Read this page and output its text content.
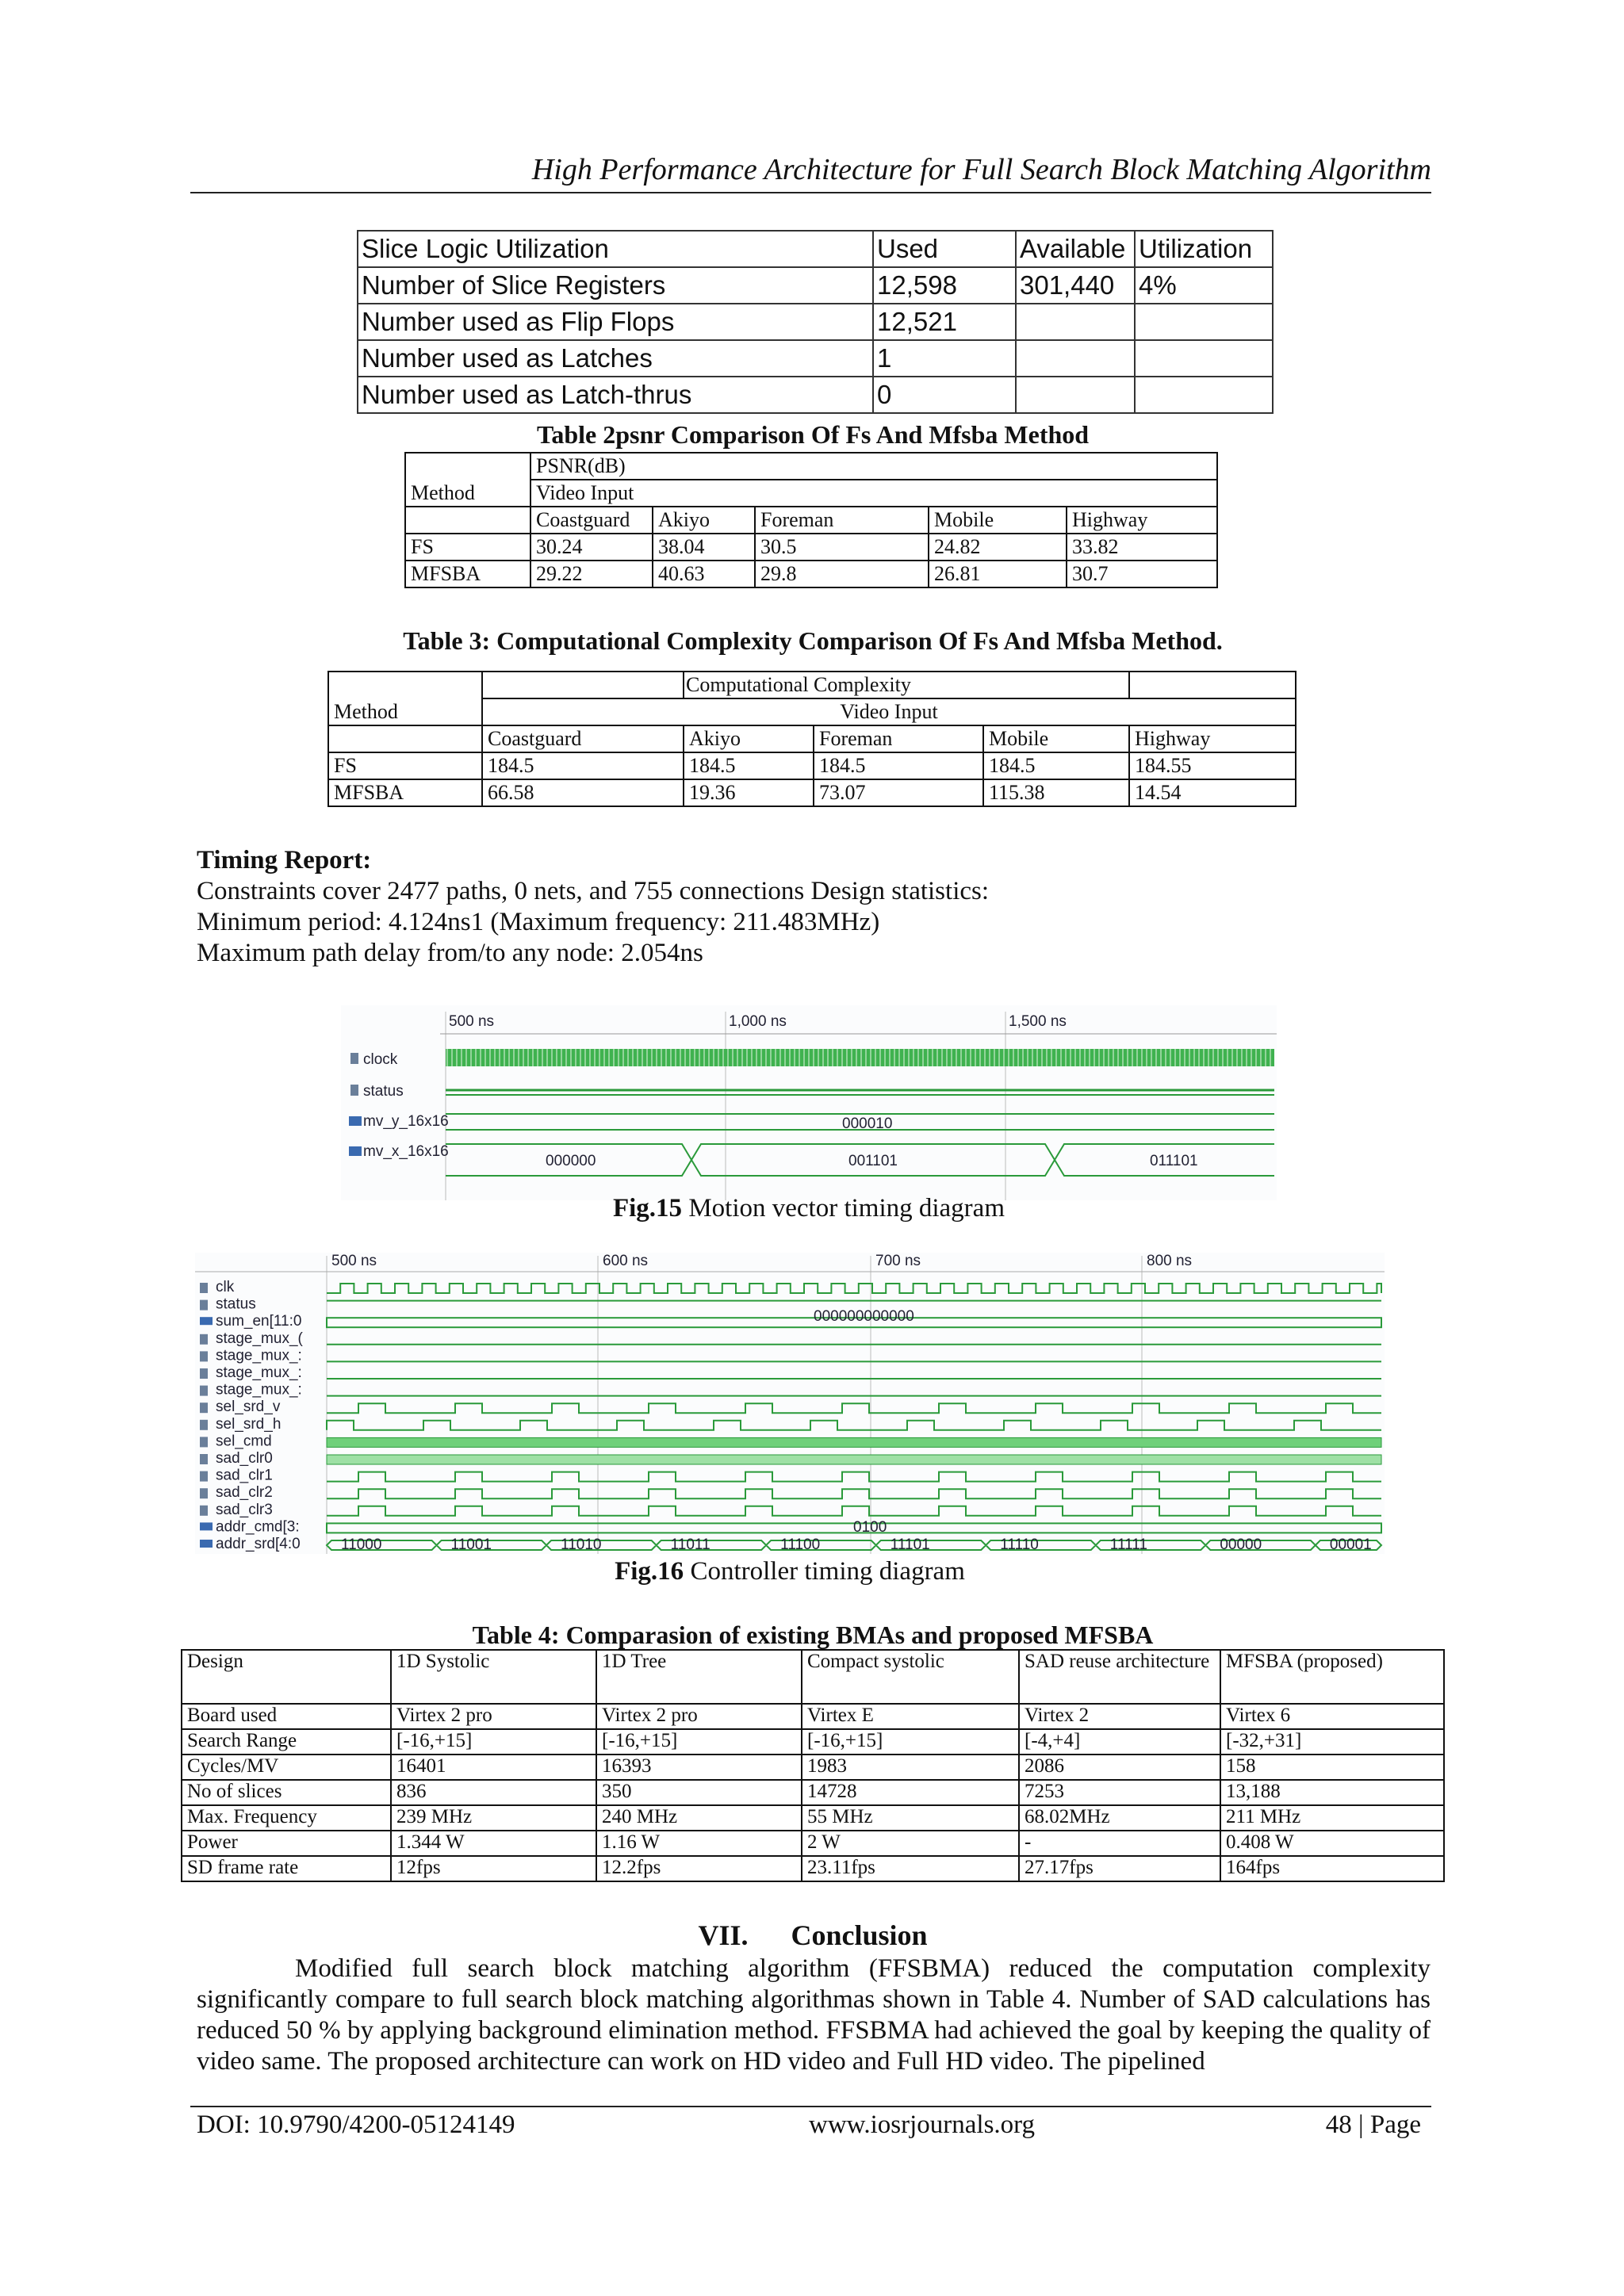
High Performance Architecture for Full Search Block Matching Algorithm
Slice Logic Utilization	Used	Available	Utilization
Number of Slice Registers	12,598	301,440	4%
Number used as Flip Flops	12,521		
Number used as Latches	1		
Number used as Latch-thrus	0		
Table 2psnr Comparison Of Fs And Mfsba Method
Method	PSNR(dB)				
	Video Input				
	Coastguard	Akiyo	Foreman	Mobile	Highway
FS	30.24	38.04	30.5	24.82	33.82
MFSBA	29.22	40.63	29.8	26.81	30.7
Table 3: Computational Complexity Comparison Of Fs And Mfsba Method.
Method		Computational Complexity			
	Video Input				
	Coastguard	Akiyo	Foreman	Mobile	Highway
FS	184.5	184.5	184.5	184.5	184.55
MFSBA	66.58	19.36	73.07	115.38	14.54
Timing Report:
Constraints cover 2477 paths, 0 nets, and 755 connections Design statistics:
Minimum period: 4.124ns1 (Maximum frequency: 211.483MHz)
Maximum path delay from/to any node: 2.054ns
500 ns	1,000 ns	1,500 ns
clock
status
mv_y_16x16
mv_x_16x16
000010
000000	001101	011101
Fig.15 Motion vector timing diagram
500 ns	600 ns	700 ns	800 ns
clk
status
sum_en[11:0
stage_mux_(
stage_mux_:
stage_mux_:
stage_mux_:
sel_srd_v
sel_srd_h
sel_cmd
sad_clr0
sad_clr1
sad_clr2
sad_clr3
addr_cmd[3:
addr_srd[4:0
000000000000
0100
11000	11001	11010	11011	11100	11101	11110	11111	00000	00001
Fig.16 Controller timing diagram
Table 4: Comparasion of existing BMAs and proposed MFSBA
Design	1D Systolic	1D Tree	Compact systolic	SAD reuse architecture	MFSBA (proposed)
Board used	Virtex 2 pro	Virtex 2 pro	Virtex E	Virtex 2	Virtex 6
Search Range	[-16,+15]	[-16,+15]	[-16,+15]	[-4,+4]	[-32,+31]
Cycles/MV	16401	16393	1983	2086	158
No of slices	836	350	14728	7253	13,188
Max. Frequency	239 MHz	240 MHz	55 MHz	68.02MHz	211 MHz
Power	1.344 W	1.16 W	2 W	-	0.408 W
SD frame rate	12fps	12.2fps	23.11fps	27.17fps	164fps
VII. Conclusion
Modified full search block matching algorithm (FFSBMA) reduced the computation complexity significantly compare to full search block matching algorithmas shown in Table 4. Number of SAD calculations has reduced 50 % by applying background elimination method. FFSBMA had achieved the goal by keeping the quality of video same. The proposed architecture can work on HD video and Full HD video. The pipelined
DOI: 10.9790/4200-05124149	www.iosrjournals.org	48 | Page
